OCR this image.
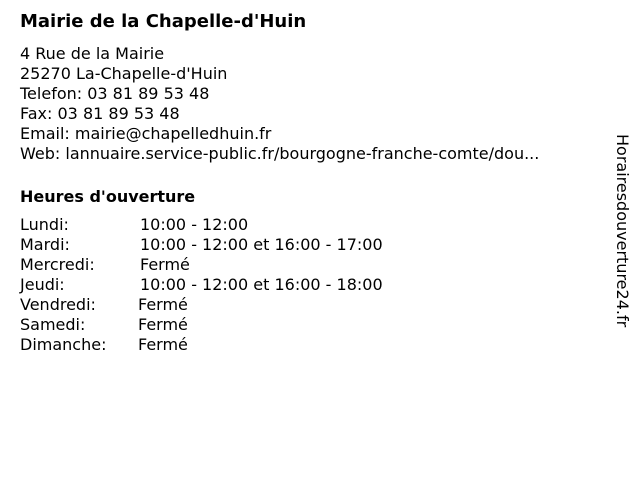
Mairie de la Chapelle-d'Huin
4 Rue de la Mairie
25270 La-Chapelle-d'Huin
Telefon: 03 81 89 53 48
Fax: 03 81 89 53 48
Email: mairie@chapelledhuin.fr
Web: lannuaire.service-public.fr/bourgogne-franche-comte/dou...
Heures d'ouverture
Lundi:	10:00 - 12:00
Mardi:	10:00 - 12:00 et 16:00 - 17:00
Mercredi:	Fermé
Jeudi:	10:00 - 12:00 et 16:00 - 18:00
Vendredi:	Fermé
Samedi:	Fermé
Dimanche:	Fermé
Horairesdouverture24.fr
